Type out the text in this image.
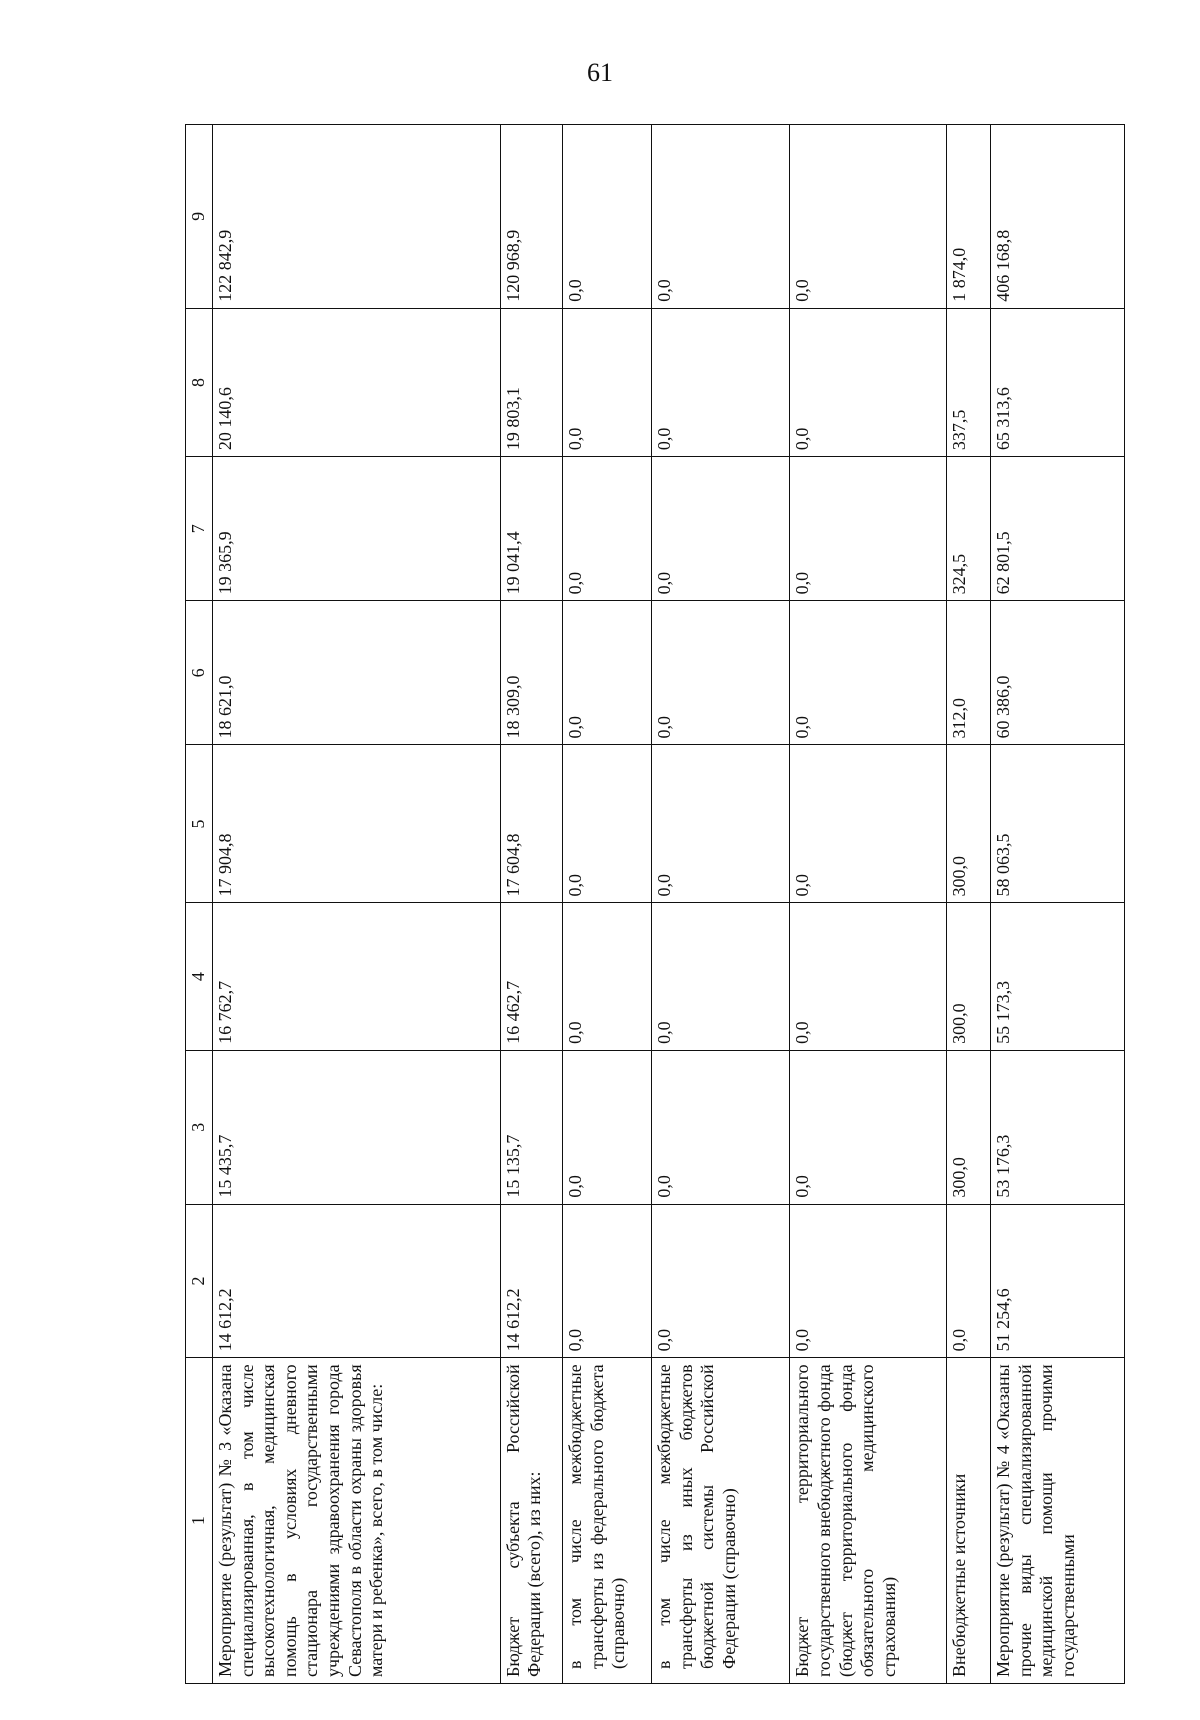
61
1	2	3	4	5	6	7	8	9
Мероприятие (результат) № 3 «Оказана специализированная, в том числе высокотехнологичная, медицинская помощь в условиях дневного стационара государственными учреждениями здравоохранения города Севастополя в области охраны здоровья матери и ребенка», всего, в том числе:	14 612,2	15 435,7	16 762,7	17 904,8	18 621,0	19 365,9	20 140,6	122 842,9
Бюджет субъекта Российской Федерации (всего), из них:	14 612,2	15 135,7	16 462,7	17 604,8	18 309,0	19 041,4	19 803,1	120 968,9
в том числе межбюджетные трансферты из федерального бюджета (справочно)	0,0	0,0	0,0	0,0	0,0	0,0	0,0	0,0
в том числе межбюджетные трансферты из иных бюджетов бюджетной системы Российской Федерации (справочно)	0,0	0,0	0,0	0,0	0,0	0,0	0,0	0,0
Бюджет территориального государственного внебюджетного фонда (бюджет территориального фонда обязательного медицинского страхования)	0,0	0,0	0,0	0,0	0,0	0,0	0,0	0,0
Внебюджетные источники	0,0	300,0	300,0	300,0	312,0	324,5	337,5	1 874,0
Мероприятие (результат) № 4 «Оказаны прочие виды специализированной медицинской помощи прочими государственными	51 254,6	53 176,3	55 173,3	58 063,5	60 386,0	62 801,5	65 313,6	406 168,8
